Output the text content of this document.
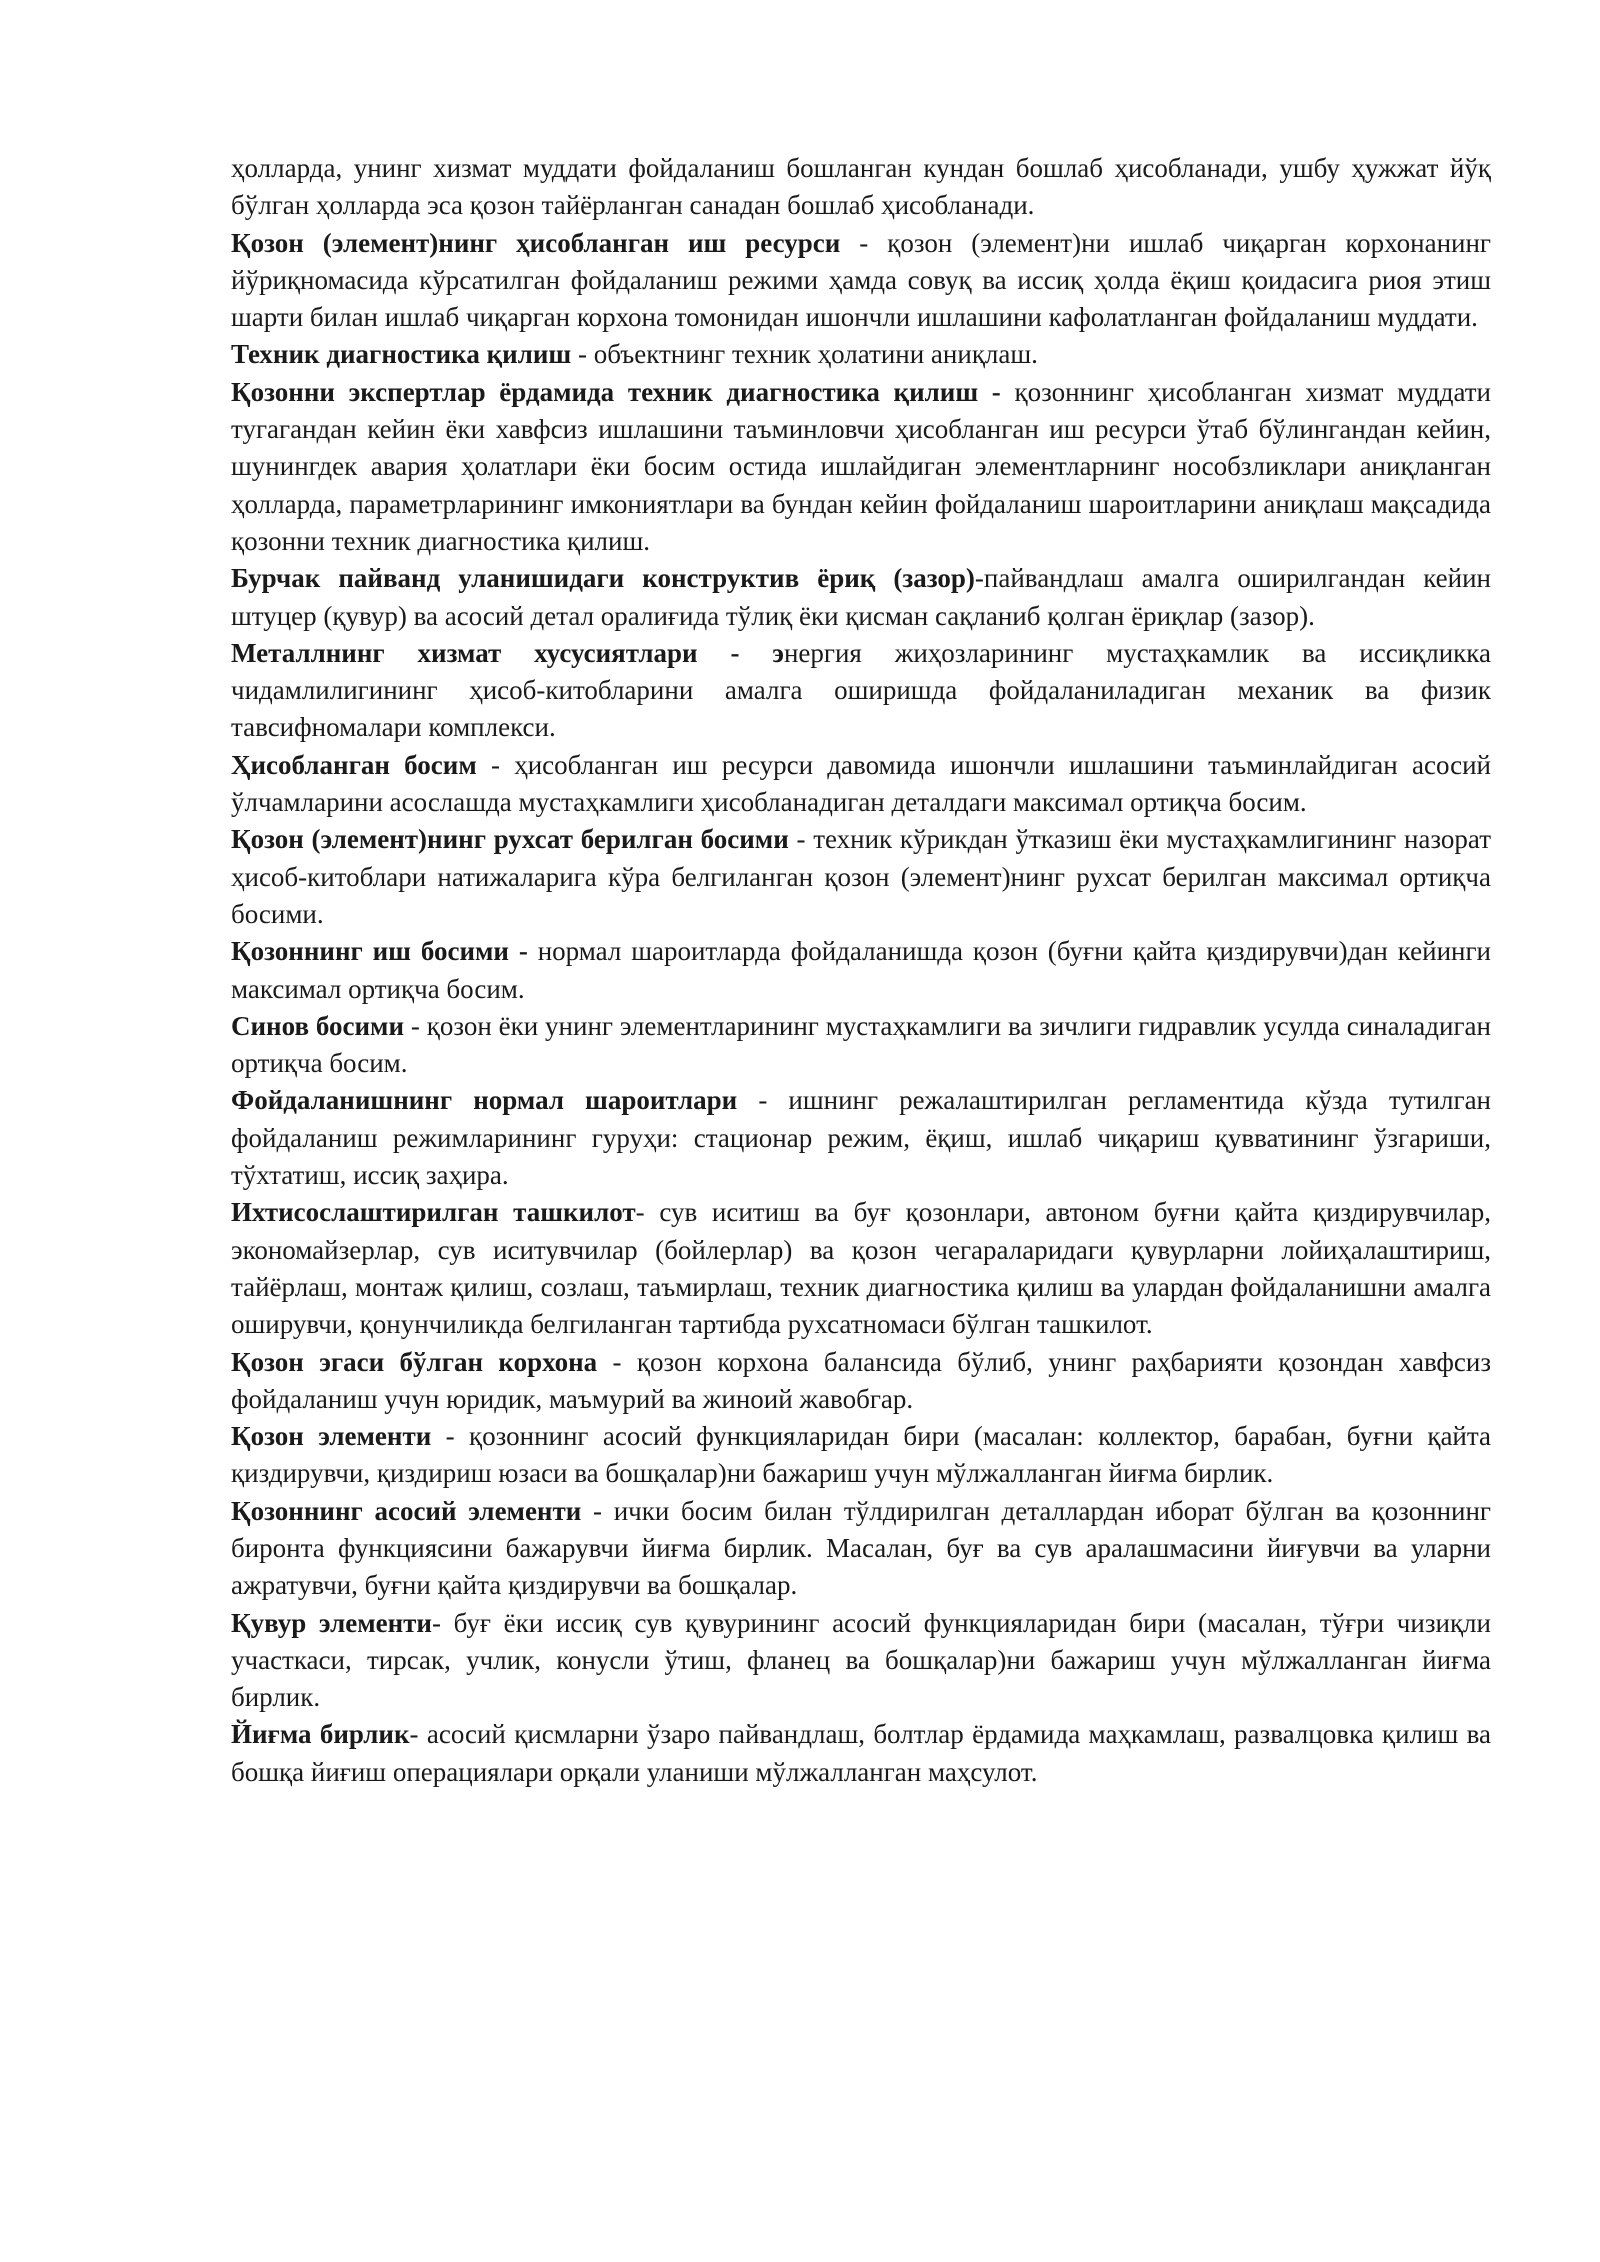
ҳолларда, унинг хизмат муддати фойдаланиш бошланган кундан бошлаб ҳисобланади, ушбу ҳужжат йўқ бўлган ҳолларда эса қозон тайёрланган санадан бошлаб ҳисобланади.

Қозон (элемент)нинг ҳисобланган иш ресурси - қозон (элемент)ни ишлаб чиқарган корхонанинг йўриқномасида кўрсатилган фойдаланиш режими ҳамда совуқ ва иссиқ ҳолда ёқиш қоидасига риоя этиш шарти билан ишлаб чиқарган корхона томонидан ишончли ишлашини кафолатланган фойдаланиш муддати.

Техник диагностика қилиш - объектнинг техник ҳолатини аниқлаш.

Қозонни экспертлар ёрдамида техник диагностика қилиш - қозоннинг ҳисобланган хизмат муддати тугагандан кейин ёки хавфсиз ишлашини таъминловчи ҳисобланган иш ресурси ўтаб бўлингандан кейин, шунингдек авария ҳолатлари ёки босим остида ишлайдиган элементларнинг нособзликлари аниқланган ҳолларда, параметрларининг имкониятлари ва бундан кейин фойдаланиш шароитларини аниқлаш мақсадида қозонни техник диагностика қилиш.

Бурчак пайванд уланишидаги конструктив ёриқ (зазор)-пайвандлаш амалга оширилгандан кейин штуцер (қувур) ва асосий детал оралиғида тўлиқ ёки қисман сақланиб қолган ёриқлар (зазор).

Металлнинг хизмат хусусиятлари - энергия жиҳозларининг мустаҳкамлик ва иссиқликка чидамлилигининг ҳисоб-китобларини амалга оширишда фойдаланиладиган механик ва физик тавсифномалари комплекси.

Ҳисобланган босим - ҳисобланган иш ресурси давомида ишончли ишлашини таъминлайдиган асосий ўлчамларини асослашда мустаҳкамлиги ҳисобланадиган деталдаги максимал ортиқча босим.

Қозон (элемент)нинг рухсат берилган босими - техник кўрикдан ўтказиш ёки мустаҳкамлигининг назорат ҳисоб-китоблари натижаларига кўра белгиланган қозон (элемент)нинг рухсат берилган максимал ортиқча босими.

Қозоннинг иш босими - нормал шароитларда фойдаланишда қозон (буғни қайта қиздирувчи)дан кейинги максимал ортиқча босим.

Синов босими - қозон ёки унинг элементларининг мустаҳкамлиги ва зичлиги гидравлик усулда синаладиган ортиқча босим.

Фойдаланишнинг нормал шароитлари - ишнинг режалаштирилган регламентида кўзда тутилган фойдаланиш режимларининг гуруҳи: стационар режим, ёқиш, ишлаб чиқариш қувватининг ўзгариши, тўхтатиш, иссиқ заҳира.

Ихтисослаштирилган ташкилот- сув иситиш ва буғ қозонлари, автоном буғни қайта қиздирувчилар, экономайзерлар, сув иситувчилар (бойлерлар) ва қозон чегараларидаги қувурларни лойиҳалаштириш, тайёрлаш, монтаж қилиш, созлаш, таъмирлаш, техник диагностика қилиш ва улардан фойдаланишни амалга оширувчи, қонунчиликда белгиланган тартибда рухсатномаси бўлган ташкилот.

Қозон эгаси бўлган корхона - қозон корхона балансида бўлиб, унинг раҳбарияти қозондан хавфсиз фойдаланиш учун юридик, маъмурий ва жиноий жавобгар.

Қозон элементи - қозоннинг асосий функцияларидан бири (масалан: коллектор, барабан, буғни қайта қиздирувчи, қиздириш юзаси ва бошқалар)ни бажариш учун мўлжалланган йиғма бирлик.

Қозоннинг асосий элементи - ички босим билан тўлдирилган деталлардан иборат бўлган ва қозоннинг биронта функциясини бажарувчи йиғма бирлик. Масалан, буғ ва сув аралашмасини йиғувчи ва уларни ажратувчи, буғни қайта қиздирувчи ва бошқалар.

Қувур элементи- буғ ёки иссиқ сув қувурининг асосий функцияларидан бири (масалан, тўғри чизиқли участкаси, тирсак, учлик, конусли ўтиш, фланец ва бошқалар)ни бажариш учун мўлжалланган йиғма бирлик.

Йиғма бирлик- асосий қисмларни ўзаро пайвандлаш, болтлар ёрдамида маҳкамлаш, развалцовка қилиш ва бошқа йиғиш операциялари орқали уланиши мўлжалланган маҳсулот.
